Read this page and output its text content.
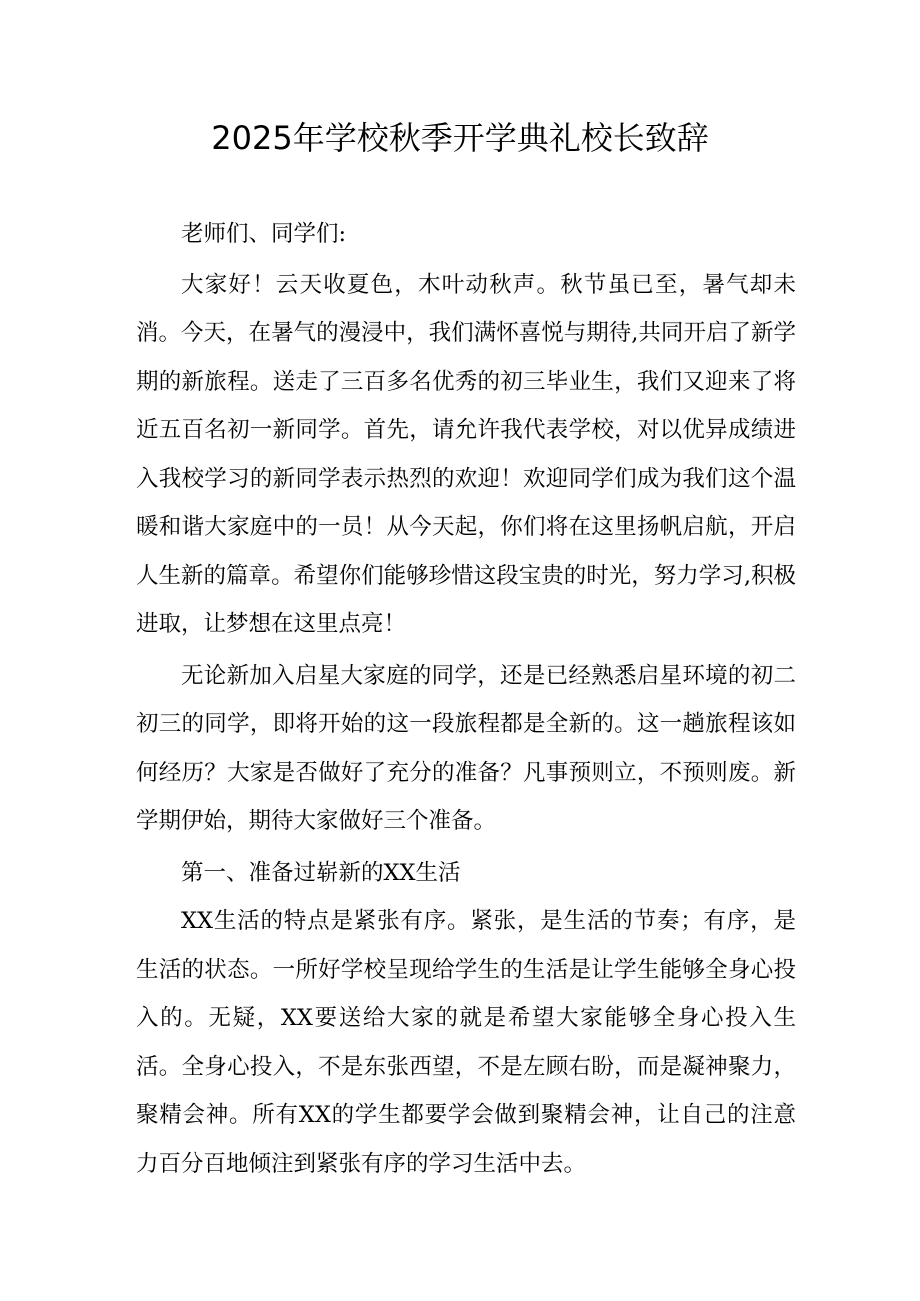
2025年学校秋季开学典礼校长致辞

老师们、同学们:

大家好！云天收夏色，木叶动秋声。秋节虽已至，暑气却未消。今天，在暑气的漫浸中，我们满怀喜悦与期待,共同开启了新学期的新旅程。送走了三百多名优秀的初三毕业生，我们又迎来了将近五百名初一新同学。首先，请允许我代表学校，对以优异成绩进入我校学习的新同学表示热烈的欢迎！欢迎同学们成为我们这个温暖和谐大家庭中的一员！从今天起，你们将在这里扬帆启航，开启人生新的篇章。希望你们能够珍惜这段宝贵的时光，努力学习,积极进取，让梦想在这里点亮！

无论新加入启星大家庭的同学，还是已经熟悉启星环境的初二初三的同学，即将开始的这一段旅程都是全新的。这一趟旅程该如何经历？大家是否做好了充分的准备？凡事预则立，不预则废。新学期伊始，期待大家做好三个准备。

第一、准备过崭新的XX生活

XX生活的特点是紧张有序。紧张，是生活的节奏；有序，是生活的状态。一所好学校呈现给学生的生活是让学生能够全身心投入的。无疑，XX要送给大家的就是希望大家能够全身心投入生活。全身心投入，不是东张西望，不是左顾右盼，而是凝神聚力，聚精会神。所有XX的学生都要学会做到聚精会神，让自己的注意力百分百地倾注到紧张有序的学习生活中去。
